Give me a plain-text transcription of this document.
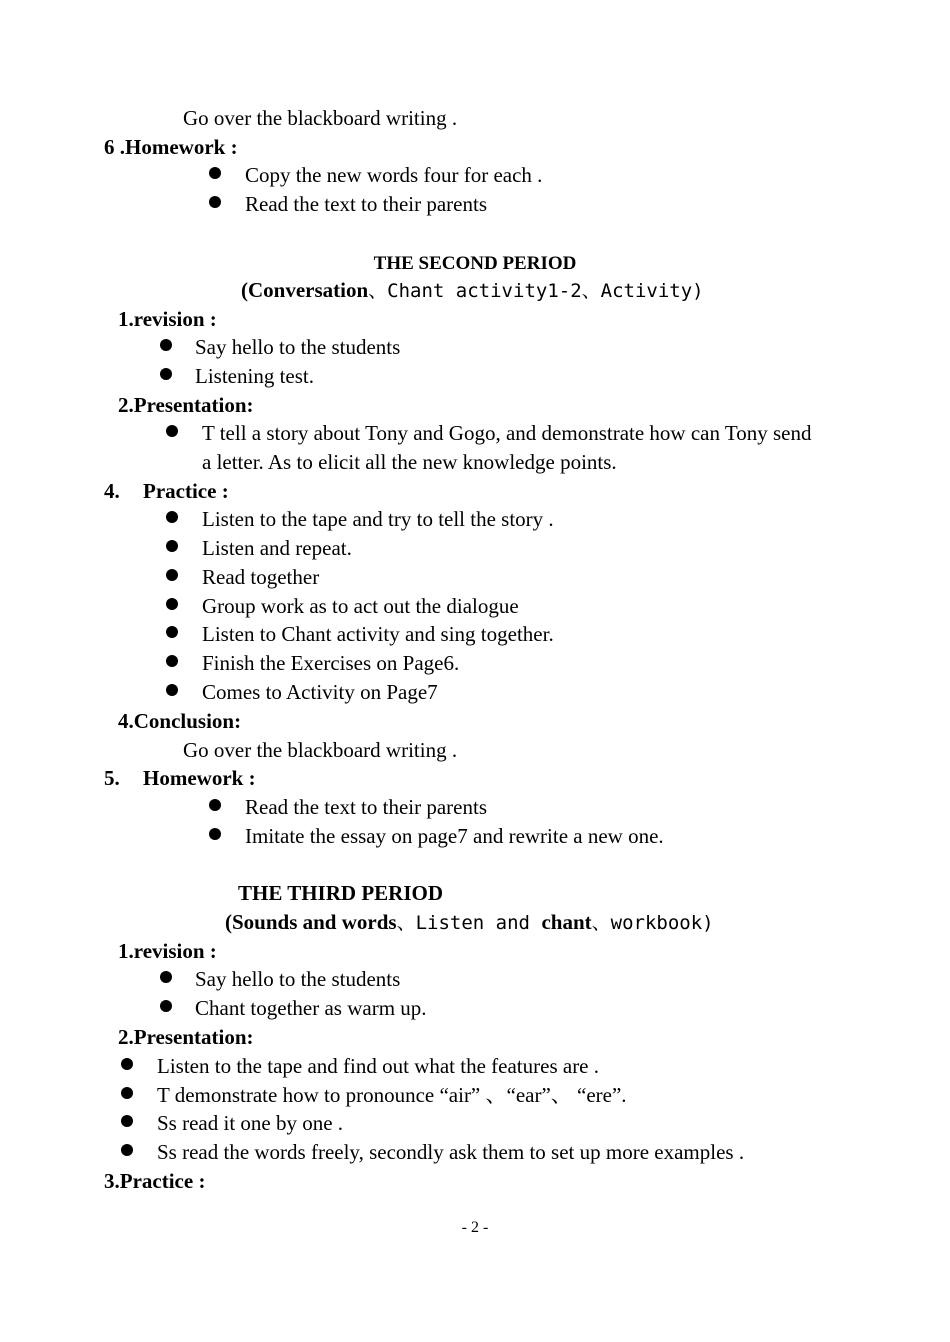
Go over the blackboard writing .
6 .Homework :
Copy the new words four for each .
Read the text to their parents
THE SECOND PERIOD
(Conversation、Chant activity1-2、Activity)
1.revision :
Say hello to the students
Listening test.
2.Presentation:
T tell a story about Tony and Gogo, and demonstrate how can Tony send
a letter. As to elicit all the new knowledge points.
4. Practice :
Listen to the tape and try to tell the story .
Listen and repeat.
Read together
Group work as to act out the dialogue
Listen to Chant activity and sing together.
Finish the Exercises on Page6.
Comes to Activity on Page7
4.Conclusion:
Go over the blackboard writing .
5. Homework :
Read the text to their parents
Imitate the essay on page7 and rewrite a new one.
THE THIRD PERIOD
(Sounds and words、Listen and chant、workbook)
1.revision :
Say hello to the students
Chant together as warm up.
2.Presentation:
Listen to the tape and find out what the features are .
T demonstrate how to pronounce “air” 、“ear”、 “ere”.
Ss read it one by one .
Ss read the words freely, secondly ask them to set up more examples .
3.Practice :
- 2 -
